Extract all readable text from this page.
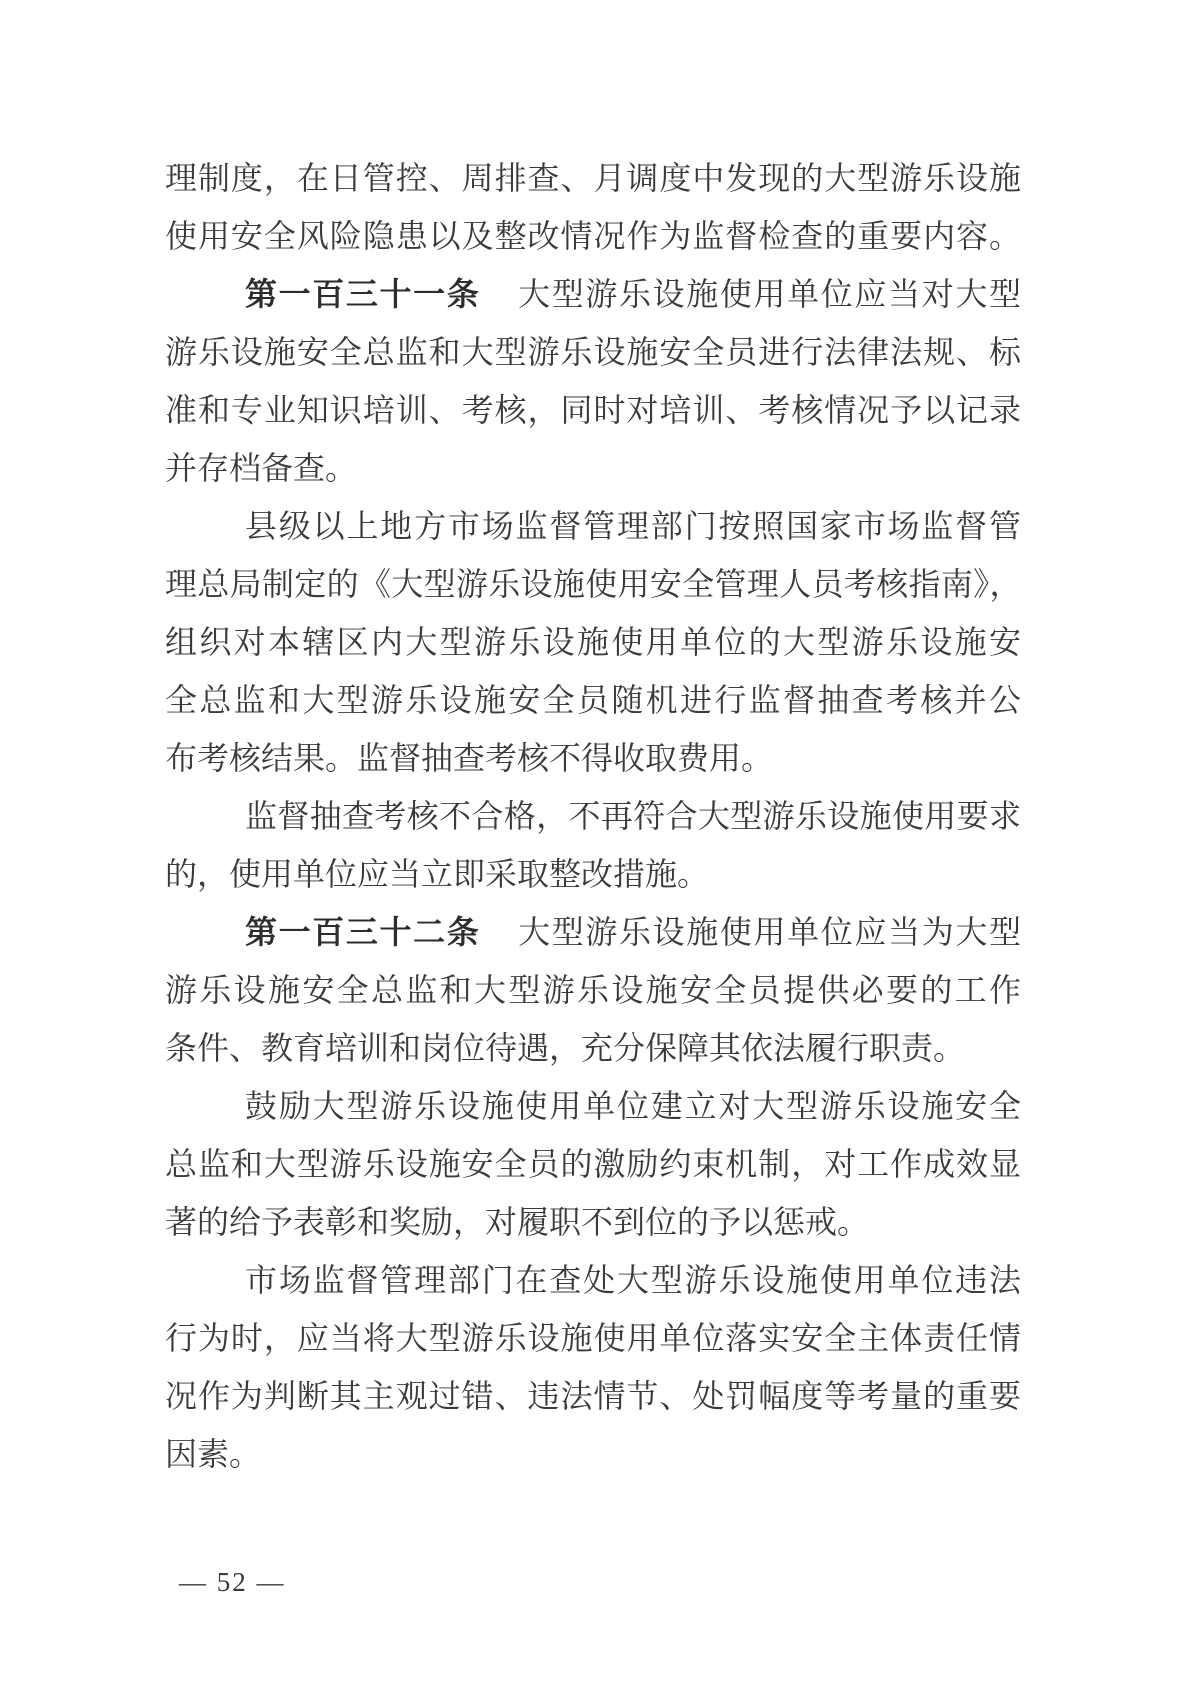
理制度，在日管控、周排查、月调度中发现的大型游乐设施
使用安全风险隐患以及整改情况作为监督检查的重要内容。
第一百三十一条 大型游乐设施使用单位应当对大型
游乐设施安全总监和大型游乐设施安全员进行法律法规、标
准和专业知识培训、考核，同时对培训、考核情况予以记录
并存档备查。
县级以上地方市场监督管理部门按照国家市场监督管
理总局制定的《大型游乐设施使用安全管理人员考核指南》，
组织对本辖区内大型游乐设施使用单位的大型游乐设施安
全总监和大型游乐设施安全员随机进行监督抽查考核并公
布考核结果。监督抽查考核不得收取费用。
监督抽查考核不合格，不再符合大型游乐设施使用要求
的，使用单位应当立即采取整改措施。
第一百三十二条 大型游乐设施使用单位应当为大型
游乐设施安全总监和大型游乐设施安全员提供必要的工作
条件、教育培训和岗位待遇，充分保障其依法履行职责。
鼓励大型游乐设施使用单位建立对大型游乐设施安全
总监和大型游乐设施安全员的激励约束机制，对工作成效显
著的给予表彰和奖励，对履职不到位的予以惩戒。
市场监督管理部门在查处大型游乐设施使用单位违法
行为时，应当将大型游乐设施使用单位落实安全主体责任情
况作为判断其主观过错、违法情节、处罚幅度等考量的重要
因素。
— 52 —
